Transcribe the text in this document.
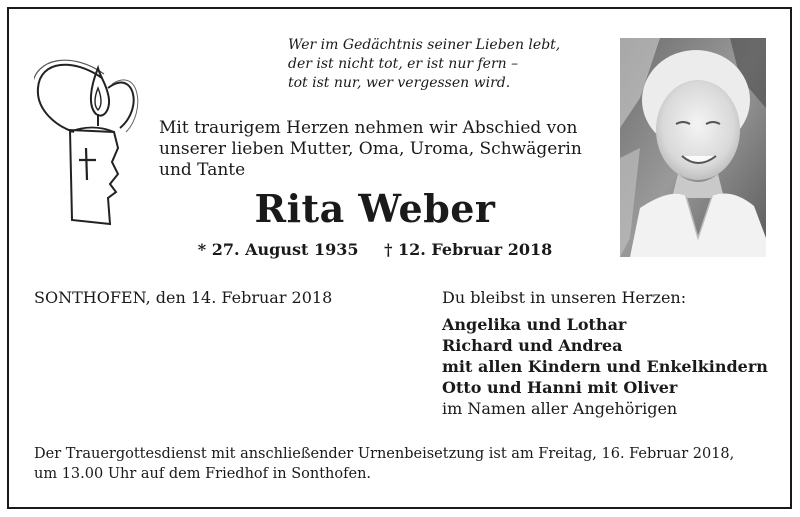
Wer im Gedächtnis seiner Lieben lebt,
der ist nicht tot, er ist nur fern –
tot ist nur, wer vergessen wird.
Mit traurigem Herzen nehmen wir Abschied von
unserer lieben Mutter, Oma, Uroma, Schwägerin
und Tante
Rita Weber
* 27. August 1935 † 12. Februar 2018
SONTHOFEN, den 14. Februar 2018	Du bleibst in unseren Herzen:
Angelika und Lothar
Richard und Andrea
mit allen Kindern und Enkelkindern
Otto und Hanni mit Oliver
im Namen aller Angehörigen
Der Trauergottesdienst mit anschließender Urnenbeisetzung ist am Freitag, 16. Februar 2018,
um 13.00 Uhr auf dem Friedhof in Sonthofen.
